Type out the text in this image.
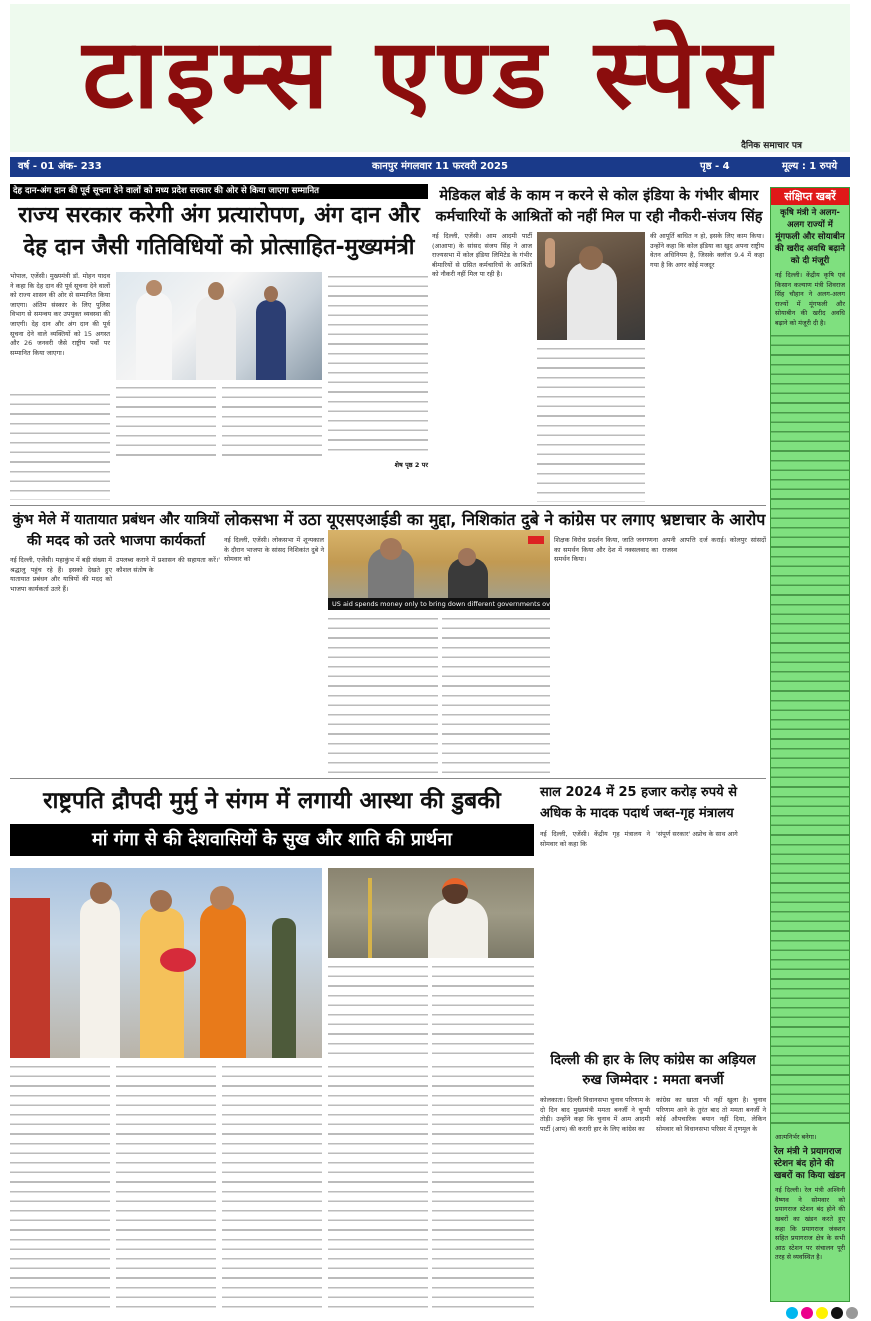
टाइम्स एण्ड स्पेस
दैनिक समाचार पत्र
वर्ष - 01 अंक- 233	कानपुर मंगलवार 11 फरवरी 2025	पृष्ठ - 4	मूल्य : 1 रुपये
देह दान-अंग दान की पूर्व सूचना देने वालों को मध्य प्रदेश सरकार की ओर से किया जाएगा सम्मानित
राज्य सरकार करेगी अंग प्रत्यारोपण, अंग दान और देह दान जैसी गतिविधियों को प्रोत्साहित-मुख्यमंत्री
भोपाल, एजेंसी। मुख्यमंत्री डॉ. मोहन यादव ने कहा कि देह दान की पूर्व सूचना देने वालों को राज्य शासन की ओर से सम्मानित किया जाएगा। अंतिम संस्कार के लिए पुलिस विभाग से समन्वय कर उपयुक्त व्यवस्था की जाएगी। देह दान और अंग दान की पूर्व सूचना देने वाले व्यक्तियों को 15 अगस्त और 26 जनवरी जैसे राष्ट्रीय पर्वों पर सम्मानित किया जाएगा।
शेष पृष्ठ 2 पर
मेडिकल बोर्ड के काम न करने से कोल इंडिया के गंभीर बीमार कर्मचारियों के आश्रितों को नहीं मिल पा रही नौकरी-संजय सिंह
नई दिल्ली, एजेंसी। आम आदमी पार्टी (आआपा) के सांसद संजय सिंह ने आज राज्यसभा में कोल इंडिया लिमिटेड के गंभीर बीमारियों से ग्रसित कर्मचारियों के आश्रितों को नौकरी नहीं मिल पा रही है।
की आपूर्ति बाधित न हो, इसके लिए काम किया। उन्होंने कहा कि कोल इंडिया का खुद अपना राष्ट्रीय वेतन अधिनियम है, जिसके क्लॉज 9.4 में कहा गया है कि अगर कोई मजदूर
कुंभ मेले में यातायात प्रबंधन और यात्रियों की मदद को उतरे भाजपा कार्यकर्ता
नई दिल्ली, एजेंसी। महाकुंभ में बड़ी संख्या में श्रद्धालु पहुंच रहे हैं। इसको देखते हुए यातायात प्रबंधन और यात्रियों की मदद को भाजपा कार्यकर्ता उतरे हैं।
उपलब्ध कराने में प्रशासन की सहायता करें।' कौशल संतोष के
लोकसभा में उठा यूएसएआईडी का मुद्दा, निशिकांत दुबे ने कांग्रेस पर लगाए भ्रष्टाचार के आरोप
नई दिल्ली, एजेंसी। लोकसभा में शून्यकाल के दौरान भाजपा के सांसद निशिकांत दुबे ने सोमवार को
US aid spends money only to bring down different governments over years.
शिक्षक विरोध प्रदर्शन किया, जाति जनगणना का समर्थन किया और देश में नक्सलवाद का समर्थन किया।
अपनी आपत्ति दर्ज कराई। कोलपुर सांसदों राजस्व
राष्ट्रपति द्रौपदी मुर्मु ने संगम में लगायी आस्था की डुबकी
मां गंगा से की देशवासियों के सुख और शाति की प्रार्थना
साल 2024 में 25 हजार करोड़ रुपये से अधिक के मादक पदार्थ जब्त-गृह मंत्रालय
नई दिल्ली, एजेंसी। केंद्रीय गृह मंत्रालय ने सोमवार को कहा कि
'संपूर्ण सरकार' अप्रोच के साथ आगे
दिल्ली की हार के लिए कांग्रेस का अड़ियल रुख जिम्मेदार : ममता बनर्जी
कोलकाता। दिल्ली विधानसभा चुनाव परिणाम के दो दिन बाद मुख्यमंत्री ममता बनर्जी ने चुप्पी तोड़ी। उन्होंने कहा कि चुनाव में आम आदमी पार्टी (आप) की करारी हार के लिए कांग्रेस का
कांग्रेस का खाता भी नहीं खुला है। चुनाव परिणाम आने के तुरंत बाद तो ममता बनर्जी ने कोई औपचारिक बयान नहीं दिया, लेकिन सोमवार को विधानसभा परिसर में तृणमूल के
संक्षिप्त खबरें
कृषि मंत्री ने अलग-अलग राज्यों में मूंगफली और सोयाबीन की खरीद अवधि बढ़ाने को दी मंजूरी
नई दिल्ली। केंद्रीय कृषि एवं किसान कल्याण मंत्री शिवराज सिंह चौहान ने अलग-अलग राज्यों में मूंगफली और सोयाबीन की खरीद अवधि बढ़ाने को मंजूरी दी है।
आत्मनिर्भर बनेगा।
रेल मंत्री ने प्रयागराज स्टेशन बंद होने की खबरों का किया खंडन
नई दिल्ली। रेल मंत्री अश्विनी वैष्णव ने सोमवार को प्रयागराज स्टेशन बंद होने की खबरों का खंडन करते हुए कहा कि प्रयागराज जंक्शन सहित प्रयागराज क्षेत्र के सभी आठ स्टेशन पर संचालन पूरी तरह से व्यवस्थित है।
